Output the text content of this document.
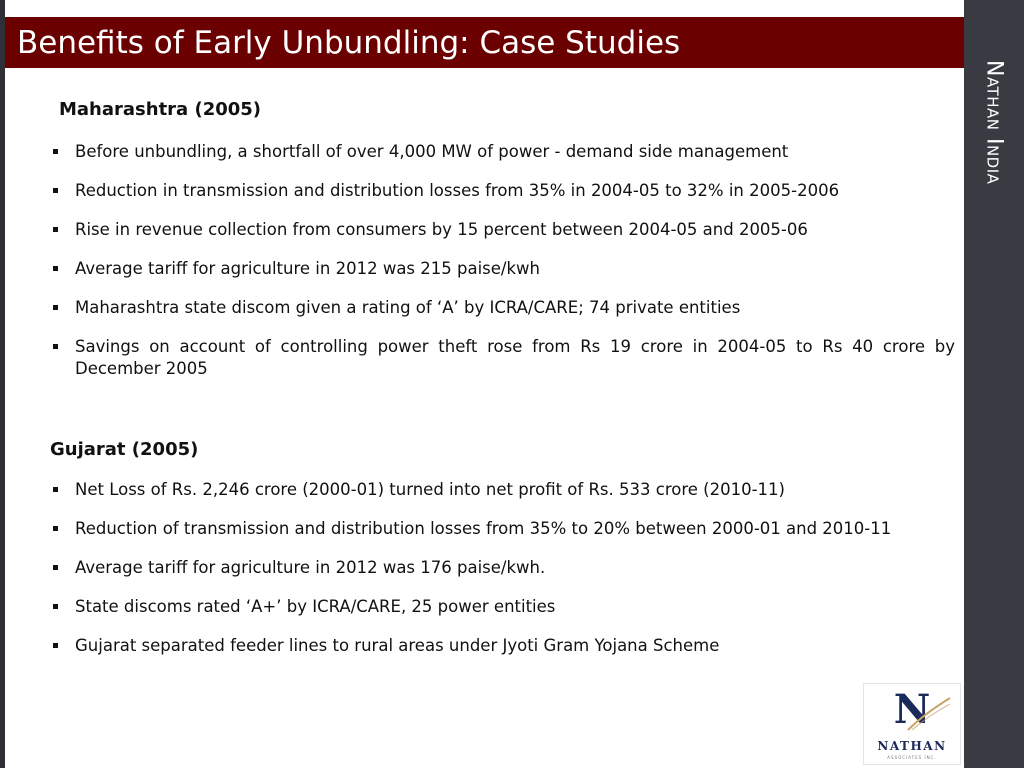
Benefits of Early Unbundling: Case Studies
Nathan India
Maharashtra (2005)
Before unbundling, a shortfall of over 4,000 MW of power - demand side management
Reduction in transmission and distribution losses from 35% in 2004-05 to 32% in 2005-2006
Rise in revenue collection from consumers by 15 percent between 2004-05 and 2005-06
Average tariff for agriculture in 2012 was 215 paise/kwh
Maharashtra state discom given a rating of ‘A’ by ICRA/CARE; 74 private entities
Savings on account of controlling power theft rose from Rs 19 crore in 2004-05 to Rs 40 crore by December 2005
Gujarat (2005)
Net Loss of Rs. 2,246 crore (2000-01) turned into net profit of Rs. 533 crore (2010-11)
Reduction of transmission and distribution losses from 35% to 20% between 2000-01 and 2010-11
Average tariff for agriculture in 2012 was 176 paise/kwh.
State discoms rated ‘A+’ by ICRA/CARE, 25 power entities
Gujarat separated feeder lines to rural areas under Jyoti Gram Yojana Scheme
N
NATHAN
ASSOCIATES INC.
